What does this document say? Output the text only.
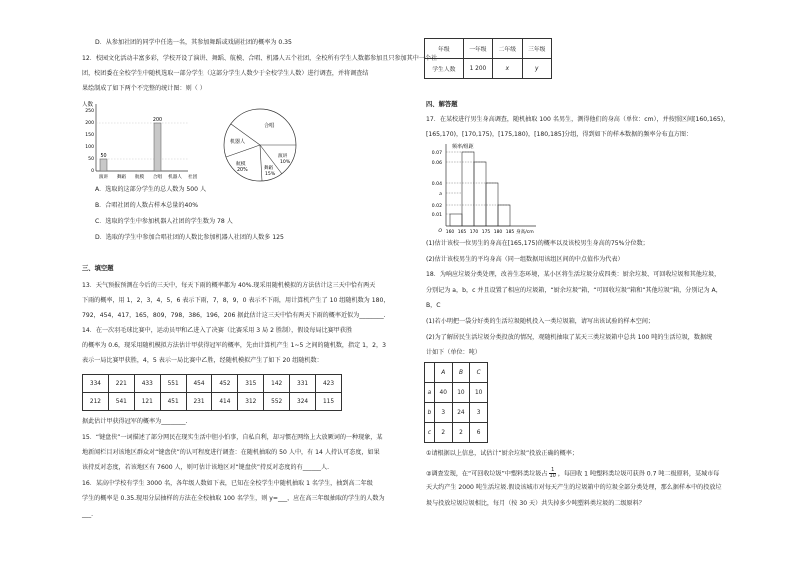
D．从参加社团的同学中任选一名，其参加舞蹈或戏剧社团的概率为 0.35
12．校园文化活动丰富多彩，学校开设了演讲、舞蹈、航模、合唱、机器人五个社团，全校所有学生人数都参加且只参加其中一个社
团，校团委在全校学生中随机选取一部分学生（这部分学生人数少于全校学生人数）进行调查，并将调查结
果绘制成了如下两个不完整的统计图：则（ ）
人数
250
200
150
100
50
0
50
200
演讲 舞蹈 航模 合唱 机器人 社团
合唱
机器人
演讲
10%
航模
20%	舞蹈
15%
A．选取的这部分学生的总人数为 500 人
B．合唱社团的人数占样本总量的40%
C．选取的学生中参加机器人社团的学生数为 78 人
D．选取的学生中参加合唱社团的人数比参加机器人社团的人数多 125
三、填空题
13．天气预报预测在今后的三天中，每天下雨的概率都为 40%.现采用随机模拟的方法估计这三天中恰有两天
下雨的概率，用 1，2，3，4，5，6 表示下雨，7，8，9，0 表示不下雨，用计算机产生了 10 组随机数为 180，
792，454，417，165，809，798，386，196，206 据此估计这三天中恰有两天下雨的概率近似为________.
14．在一次羽毛球比赛中，运动员甲和乙进入了决赛（比赛采用 3 局 2 胜制），假设每局比赛甲获胜
的概率为 0.6，现采用随机模拟方法估计甲获得冠军的概率，先由计算机产生 1~5 之间的随机数，指定 1，2，3
表示一局比赛甲获胜，4，5 表示一局比赛中乙胜，经随机模拟产生了如下 20 组随机数：
334	221	433	551	454	452	315	142	331	423
212	541	121	451	231	414	312	552	324	115
据此估计甲获得冠军的概率为________.
15．“键盘侠”一词描述了部分网民在现实生活中胆小怕事，自私自利，却习惯在网络上大放厥词的一种现象，某
地新闻栏目对该地区群众对“键盘侠”的认可程度进行调查：在随机抽取的 50 人中，有 14 人持认可态度，如果
该持反对态度，若该地区有 7600 人，则可估计该地区对“键盘侠”持反对态度的有______人.
16．某高中学校有学生 3000 名，各年级人数如下表，已知在全校学生中随机抽取 1 名学生，抽到高二年级
学生的概率是 0.35.现用分层抽样的方法在全校抽取 100 名学生，则 y=___，应在高三年级抽取的学生的人数为
___.
年级	一年级	二年级	三年级
学生人数	1 200	x	y
四、解答题
17．在某校进行男生身高调查，随机抽取 100 名男生，测得他们的身高（单位：cm），并按照区间[160,165)，
[165,170)，[170,175)，[175,180)，[180,185]分组，得到如下的样本数据的频率分布直方图：
频率/组距
0.07
0.06
0.04
0.02
0.01
a
O 160 165 170 175 180 185 身高/cm
(1)估计该校一位男生的身高在[165,175)的概率以及该校男生身高的75%分位数；
(2)估计该校男生的平均身高（同一组数据用该组区间的中点值作为代表）
18．为响应垃圾分类处理，改善生态环境，某小区将生活垃圾分成四类：厨余垃圾、可回收垃圾和其他垃圾，
分别记为 a，b，c 并且设置了相应的垃圾箱，“厨余垃圾”箱，“可回收垃圾”箱和“其他垃圾”箱，分别记为 A，
B，C
(1)若小明把一袋分好类的生活垃圾随机投入一类垃圾箱，请写出该试验的样本空间；
(2)为了解居民生活垃圾分类投放的情况，观随机抽取了某天三类垃圾箱中总共 100 吨的生活垃圾，数据统
计如下（单位：吨）
	A	B	C
a	40	10	10
b	3	24	3
c	2	2	6
①请根据以上信息，试估计“厨余垃圾”投放正确的概率；
②调查发现，在“可回收垃圾”中塑料类垃圾占 $\frac{1}{10}$ ，每回收 1 吨塑料类垃圾可获得 0.7 吨二级原料，某城市每
天大约产生 2000 吨生活垃圾.假设该城市对每天产生的垃圾箱中的垃圾全部分类处理，那么据样本中的投放垃
圾与投放垃圾垃圾相比，每月（按 30 天）共失掉多少吨塑料类垃圾的二级原料？
